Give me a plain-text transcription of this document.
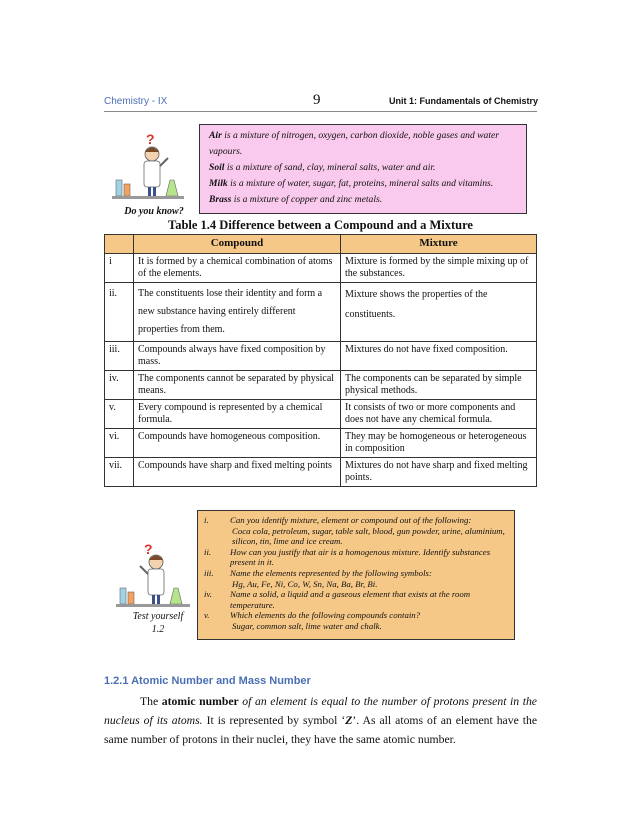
Chemistry - IX	9	Unit 1: Fundamentals of Chemistry
?
Do you know?

Air is a mixture of nitrogen, oxygen, carbon dioxide, noble gases and water vapours.

Soil is a mixture of sand, clay, mineral salts, water and air.

Milk is a mixture of water, sugar, fat, proteins, mineral salts and vitamins.

Brass is a mixture of copper and zinc metals.

Table 1.4 Difference between a Compound and a Mixture
	Compound	Mixture
i	It is formed by a chemical combination of atoms of the elements.	Mixture is formed by the simple mixing up of the substances.
ii.	The constituents lose their identity and form a new substance having entirely different properties from them.	Mixture shows the properties of the constituents.
iii.	Compounds always have fixed composition by mass.	Mixtures do not have fixed composition.
iv.	The components cannot be separated by physical means.	The components can be separated by simple physical methods.
v.	Every compound is represented by a chemical formula.	It consists of two or more components and does not have any chemical formula.
vi.	Compounds have homogeneous composition.	They may be homogeneous or heterogeneous in composition
vii.	Compounds have sharp and fixed melting points	Mixtures do not have sharp and fixed melting points.
?
Test yourself
1.2
i.	Can you identify mixture, element or compound out of the following:
Coca cola, petroleum, sugar, table salt, blood, gun powder, urine, aluminium, silicon, tin, lime and ice cream.
ii.	How can you justify that air is a homogenous mixture. Identify substances present in it.
iii.	Name the elements represented by the following symbols:
Hg, Au, Fe, Ni, Co, W, Sn, Na, Ba, Br, Bi.
iv.	Name a solid, a liquid and a gaseous element that exists at the room temperature.
v.	Which elements do the following compounds contain?
Sugar, common salt, lime water and chalk.
1.2.1 Atomic Number and Mass Number
The atomic number of an element is equal to the number of protons present in the nucleus of its atoms. It is represented by symbol ‘Z’. As all atoms of an element have the same number of protons in their nuclei, they have the same atomic number.
